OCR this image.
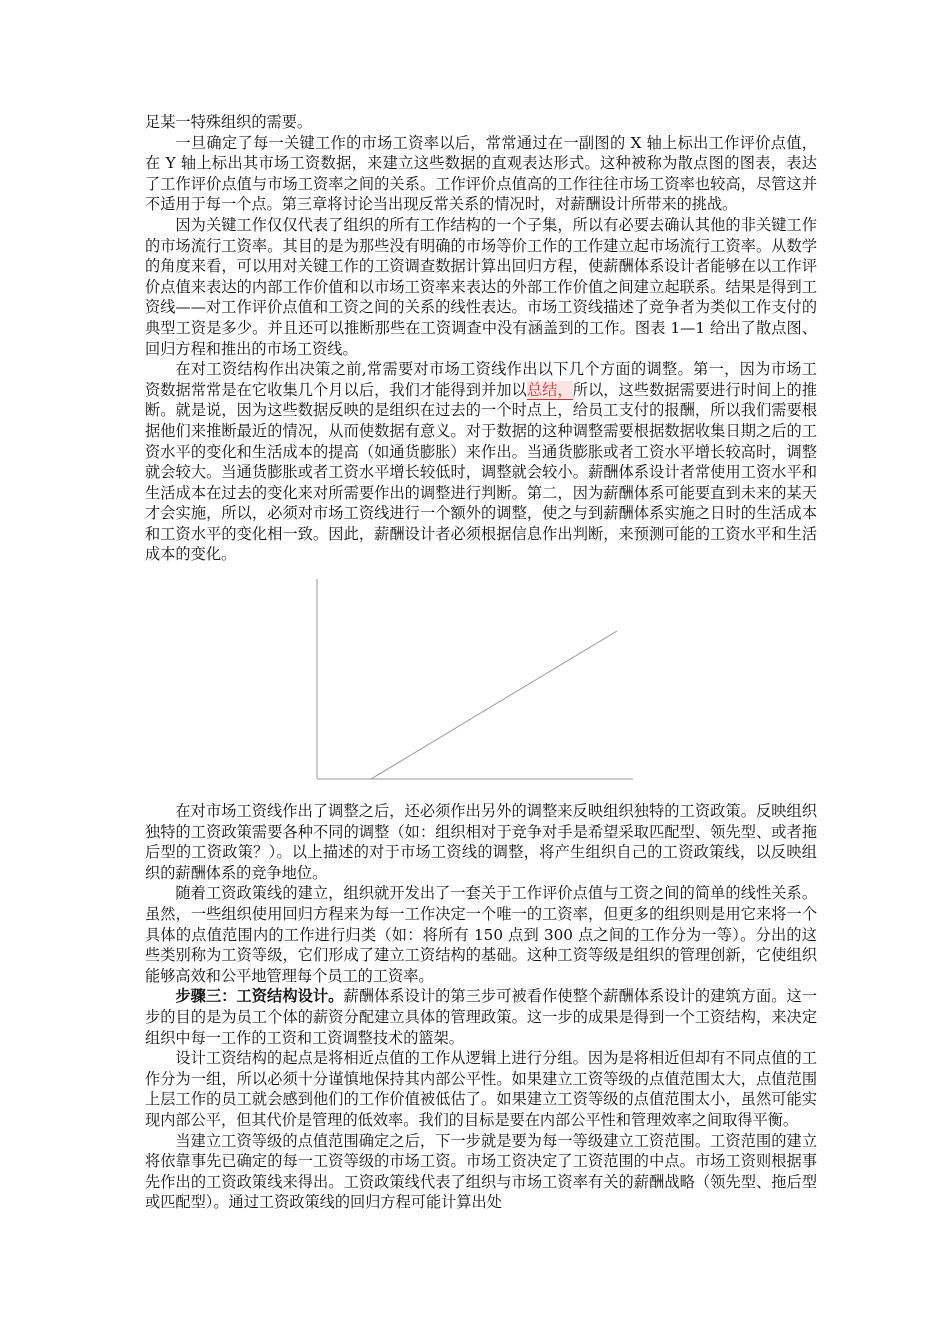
足某一特殊组织的需要。

一旦确定了每一关键工作的市场工资率以后，常常通过在一副图的 X 轴上标出工作评价点值，在 Y 轴上标出其市场工资数据，来建立这些数据的直观表达形式。这种被称为散点图的图表，表达了工作评价点值与市场工资率之间的关系。工作评价点值高的工作往往市场工资率也较高，尽管这并不适用于每一个点。第三章将讨论当出现反常关系的情况时，对薪酬设计所带来的挑战。

因为关键工作仅仅代表了组织的所有工作结构的一个子集，所以有必要去确认其他的非关键工作的市场流行工资率。其目的是为那些没有明确的市场等价工作的工作建立起市场流行工资率。从数学的角度来看，可以用对关键工作的工资调查数据计算出回归方程，使薪酬体系设计者能够在以工作评价点值来表达的内部工作价值和以市场工资率来表达的外部工作价值之间建立起联系。结果是得到工资线——对工作评价点值和工资之间的关系的线性表达。市场工资线描述了竞争者为类似工作支付的典型工资是多少。并且还可以推断那些在工资调查中没有涵盖到的工作。图表 1—1 给出了散点图、回归方程和推出的市场工资线。

在对工资结构作出决策之前,常需要对市场工资线作出以下几个方面的调整。第一，因为市场工资数据常常是在它收集几个月以后，我们才能得到并加以总结，所以，这些数据需要进行时间上的推断。就是说，因为这些数据反映的是组织在过去的一个时点上，给员工支付的报酬，所以我们需要根据他们来推断最近的情况，从而使数据有意义。对于数据的这种调整需要根据数据收集日期之后的工资水平的变化和生活成本的提高（如通货膨胀）来作出。当通货膨胀或者工资水平增长较高时，调整就会较大。当通货膨胀或者工资水平增长较低时，调整就会较小。薪酬体系设计者常使用工资水平和生活成本在过去的变化来对所需要作出的调整进行判断。第二，因为薪酬体系可能要直到未来的某天才会实施，所以，必须对市场工资线进行一个额外的调整，使之与到薪酬体系实施之日时的生活成本和工资水平的变化相一致。因此，薪酬设计者必须根据信息作出判断，来预测可能的工资水平和生活成本的变化。

在对市场工资线作出了调整之后，还必须作出另外的调整来反映组织独特的工资政策。反映组织独特的工资政策需要各种不同的调整（如：组织相对于竞争对手是希望采取匹配型、领先型、或者拖后型的工资政策？）。以上描述的对于市场工资线的调整，将产生组织自己的工资政策线，以反映组织的薪酬体系的竞争地位。

随着工资政策线的建立，组织就开发出了一套关于工作评价点值与工资之间的简单的线性关系。虽然，一些组织使用回归方程来为每一工作决定一个唯一的工资率，但更多的组织则是用它来将一个具体的点值范围内的工作进行归类（如：将所有 150 点到 300 点之间的工作分为一等）。分出的这些类别称为工资等级，它们形成了建立工资结构的基础。这种工资等级是组织的管理创新，它使组织能够高效和公平地管理每个员工的工资率。

步骤三：工资结构设计。薪酬体系设计的第三步可被看作使整个薪酬体系设计的建筑方面。这一步的目的是为员工个体的薪资分配建立具体的管理政策。这一步的成果是得到一个工资结构，来决定组织中每一工作的工资和工资调整技术的篮架。

设计工资结构的起点是将相近点值的工作从逻辑上进行分组。因为是将相近但却有不同点值的工作分为一组，所以必须十分谨慎地保持其内部公平性。如果建立工资等级的点值范围太大，点值范围上层工作的员工就会感到他们的工作价值被低估了。如果建立工资等级的点值范围太小，虽然可能实现内部公平，但其代价是管理的低效率。我们的目标是要在内部公平性和管理效率之间取得平衡。

当建立工资等级的点值范围确定之后，下一步就是要为每一等级建立工资范围。工资范围的建立将依靠事先已确定的每一工资等级的市场工资。市场工资决定了工资范围的中点。市场工资则根据事先作出的工资政策线来得出。工资政策线代表了组织与市场工资率有关的薪酬战略（领先型、拖后型或匹配型）。通过工资政策线的回归方程可能计算出处
